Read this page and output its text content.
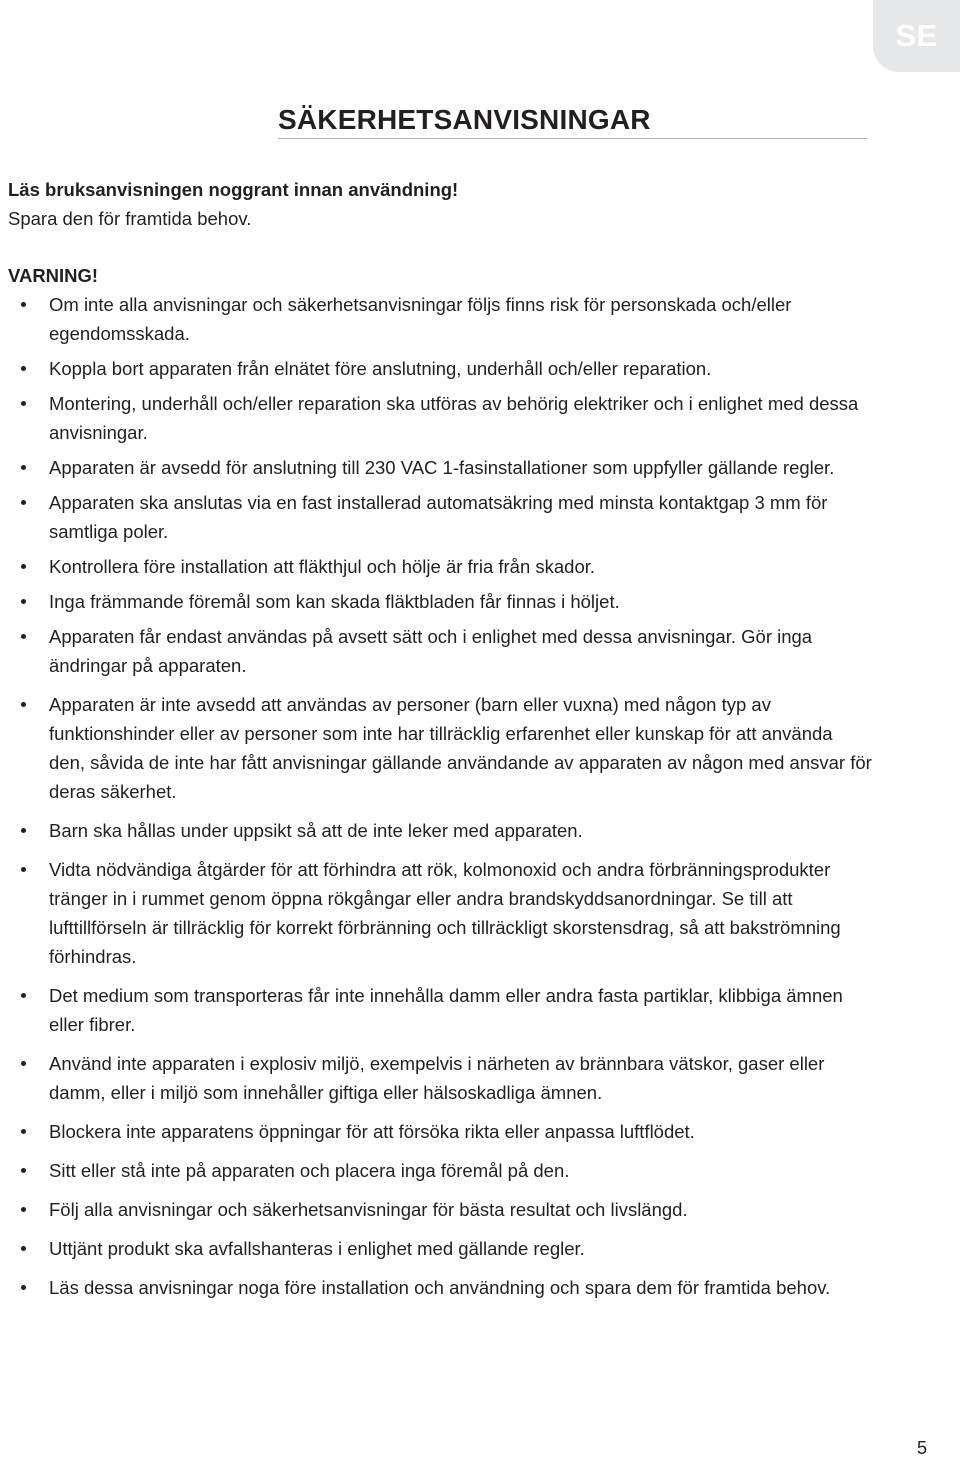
SE
SÄKERHETSANVISNINGAR
Läs bruksanvisningen noggrant innan användning!
Spara den för framtida behov.
VARNING!
Om inte alla anvisningar och säkerhetsanvisningar följs finns risk för personskada och/eller egendomsskada.
Koppla bort apparaten från elnätet före anslutning, underhåll och/eller reparation.
Montering, underhåll och/eller reparation ska utföras av behörig elektriker och i enlighet med dessa anvisningar.
Apparaten är avsedd för anslutning till 230 VAC 1-fasinstallationer som uppfyller gällande regler.
Apparaten ska anslutas via en fast installerad automatsäkring med minsta kontaktgap 3 mm för samtliga poler.
Kontrollera före installation att fläkthjul och hölje är fria från skador.
Inga främmande föremål som kan skada fläktbladen får finnas i höljet.
Apparaten får endast användas på avsett sätt och i enlighet med dessa anvisningar. Gör inga ändringar på apparaten.
Apparaten är inte avsedd att användas av personer (barn eller vuxna) med någon typ av funktionshinder eller av personer som inte har tillräcklig erfarenhet eller kunskap för att använda den, såvida de inte har fått anvisningar gällande användande av apparaten av någon med ansvar för deras säkerhet.
Barn ska hållas under uppsikt så att de inte leker med apparaten.
Vidta nödvändiga åtgärder för att förhindra att rök, kolmonoxid och andra förbränningsprodukter tränger in i rummet genom öppna rökgångar eller andra brandskyddsanordningar. Se till att lufttillförseln är tillräcklig för korrekt förbränning och tillräckligt skorstensdrag, så att bakströmning förhindras.
Det medium som transporteras får inte innehålla damm eller andra fasta partiklar, klibbiga ämnen eller fibrer.
Använd inte apparaten i explosiv miljö, exempelvis i närheten av brännbara vätskor, gaser eller damm, eller i miljö som innehåller giftiga eller hälsoskadliga ämnen.
Blockera inte apparatens öppningar för att försöka rikta eller anpassa luftflödet.
Sitt eller stå inte på apparaten och placera inga föremål på den.
Följ alla anvisningar och säkerhetsanvisningar för bästa resultat och livslängd.
Uttjänt produkt ska avfallshanteras i enlighet med gällande regler.
Läs dessa anvisningar noga före installation och användning och spara dem för framtida behov.
5
